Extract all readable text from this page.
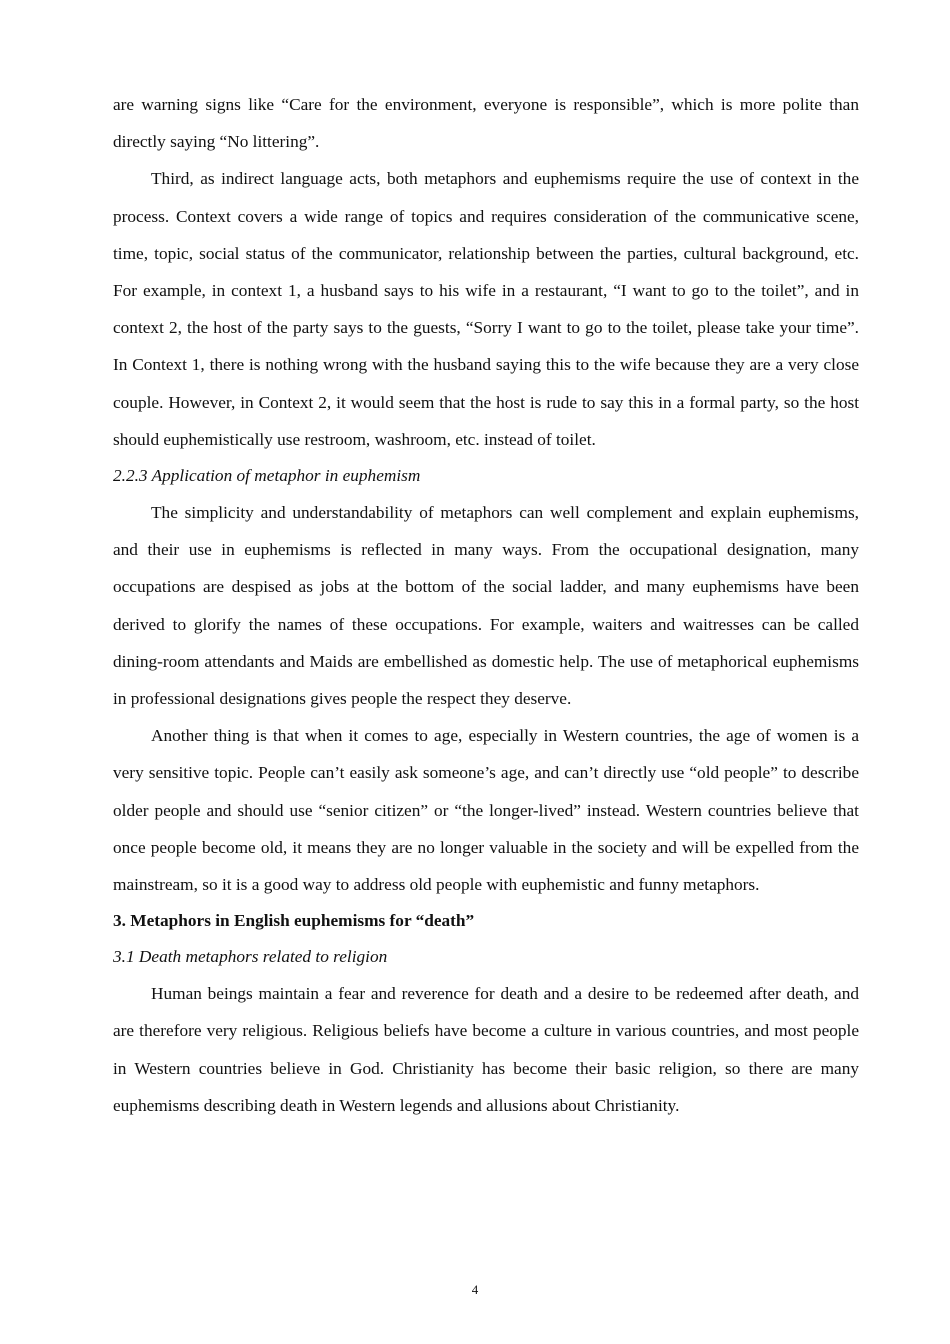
are warning signs like “Care for the environment, everyone is responsible”, which is more polite than directly saying “No littering”.

Third, as indirect language acts, both metaphors and euphemisms require the use of context in the process. Context covers a wide range of topics and requires consideration of the communicative scene, time, topic, social status of the communicator, relationship between the parties, cultural background, etc. For example, in context 1, a husband says to his wife in a restaurant, “I want to go to the toilet”, and in context 2, the host of the party says to the guests, “Sorry I want to go to the toilet, please take your time”. In Context 1, there is nothing wrong with the husband saying this to the wife because they are a very close couple. However, in Context 2, it would seem that the host is rude to say this in a formal party, so the host should euphemistically use restroom, washroom, etc. instead of toilet.

2.2.3 Application of metaphor in euphemism

The simplicity and understandability of metaphors can well complement and explain euphemisms, and their use in euphemisms is reflected in many ways. From the occupational designation, many occupations are despised as jobs at the bottom of the social ladder, and many euphemisms have been derived to glorify the names of these occupations. For example, waiters and waitresses can be called dining-room attendants and Maids are embellished as domestic help. The use of metaphorical euphemisms in professional designations gives people the respect they deserve.

Another thing is that when it comes to age, especially in Western countries, the age of women is a very sensitive topic. People can’t easily ask someone’s age, and can’t directly use “old people” to describe older people and should use “senior citizen” or “the longer-lived” instead. Western countries believe that once people become old, it means they are no longer valuable in the society and will be expelled from the mainstream, so it is a good way to address old people with euphemistic and funny metaphors.

3. Metaphors in English euphemisms for “death”

3.1 Death metaphors related to religion

Human beings maintain a fear and reverence for death and a desire to be redeemed after death, and are therefore very religious. Religious beliefs have become a culture in various countries, and most people in Western countries believe in God. Christianity has become their basic religion, so there are many euphemisms describing death in Western legends and allusions about Christianity.

4
